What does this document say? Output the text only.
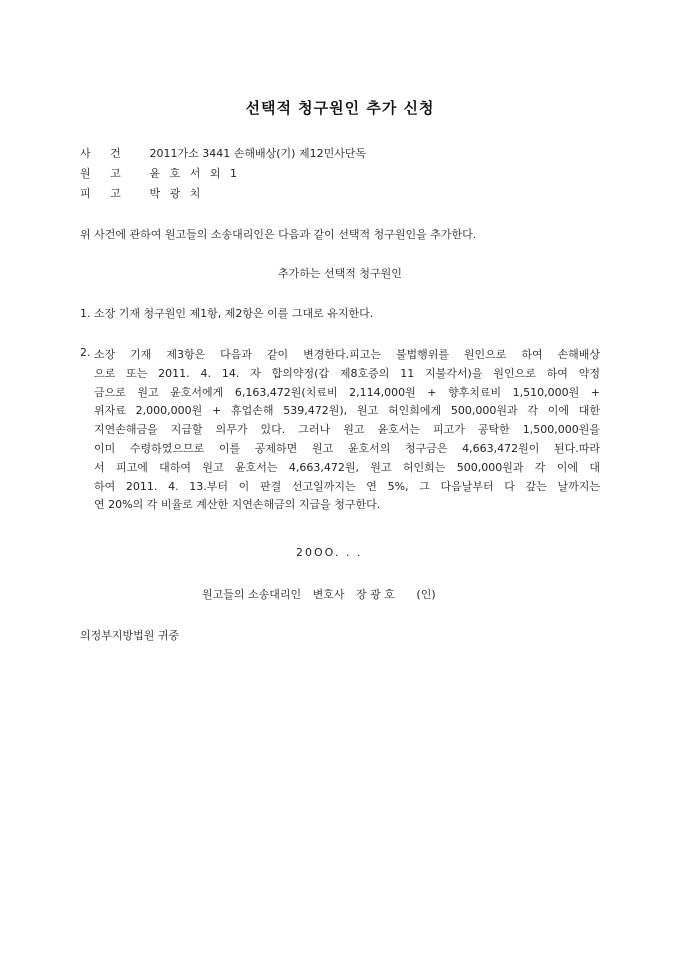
선택적 청구원인 추가 신청
사 건 2011가소 3441 손해배상(기) 제12민사단독
원 고 윤 호 서 외 1
피 고 박 광 치
위 사건에 관하여 원고들의 소송대리인은 다음과 같이 선택적 청구원인을 추가한다.
추가하는 선택적 청구원인
1. 소장 기재 청구원인 제1항, 제2항은 이를 그대로 유지한다.
2. 소장 기재 제3항은 다음과 같이 변경한다.피고는 불법행위를 원인으로 하여 손해배상
으로 또는 2011. 4. 14. 자 합의약정(갑 제8호증의 11 지불각서)을 원인으로 하여 약정
금으로 원고 윤호서에게 6,163,472원(치료비 2,114,000원 + 향후치료비 1,510,000원 +
위자료 2,000,000원 + 휴업손해 539,472원), 원고 허인희에게 500,000원과 각 이에 대한
지연손해금을 지급할 의무가 있다. 그러나 원고 윤호서는 피고가 공탁한 1,500,000원을
이미 수령하였으므로 이를 공제하면 원고 윤호서의 청구금은 4,663,472원이 된다.따라
서 피고에 대하여 원고 윤호서는 4,663,472원, 원고 허인희는 500,000원과 각 이에 대
하여 2011. 4. 13.부터 이 판결 선고일까지는 연 5%, 그 다음날부터 다 갚는 날까지는
연 20%의 각 비율로 계산한 지연손해금의 지급을 청구한다.
20OO. . .
원고들의 소송대리인 변호사 장 광 호 (인)
의정부지방법원 귀중
